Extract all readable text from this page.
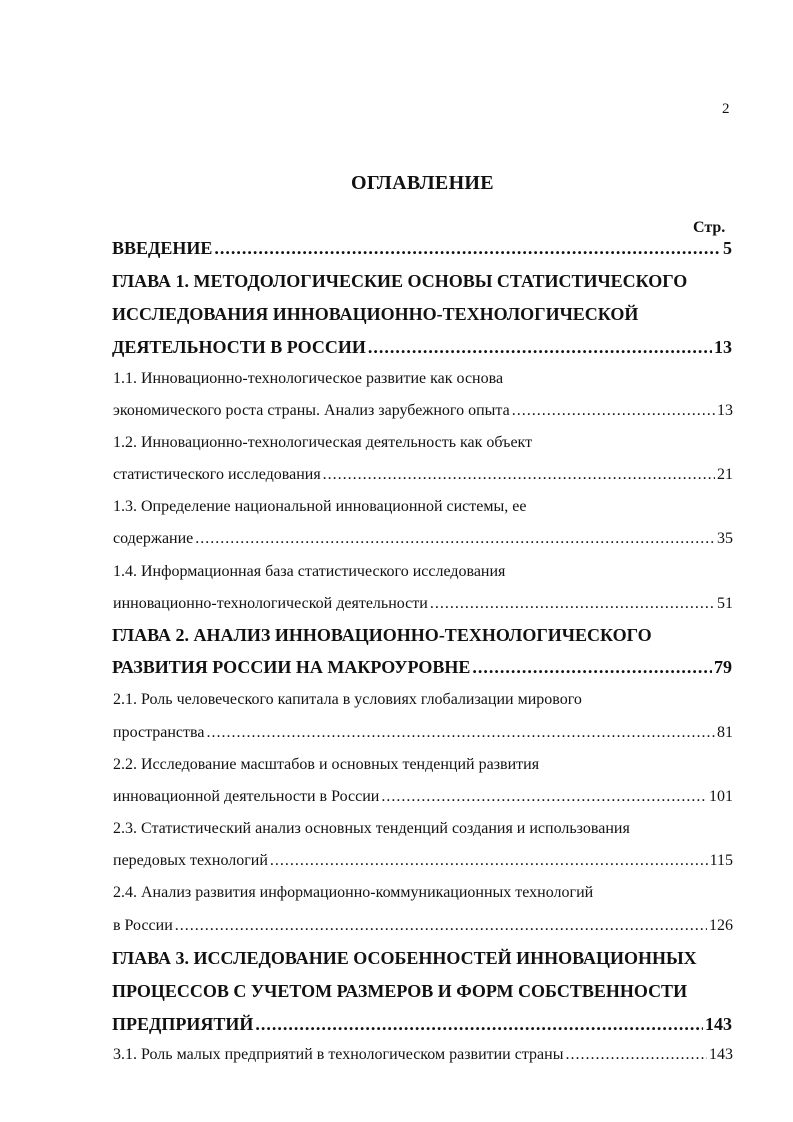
2
ОГЛАВЛЕНИЕ
Стр.
ВВЕДЕНИЕ .....	5
ГЛАВА 1. МЕТОДОЛОГИЧЕСКИЕ ОСНОВЫ СТАТИСТИЧЕСКОГО
ИССЛЕДОВАНИЯ ИННОВАЦИОННО-ТЕХНОЛОГИЧЕСКОЙ
ДЕЯТЕЛЬНОСТИ В РОССИИ .....	13
1.1. Инновационно-технологическое развитие как основа
экономического роста страны. Анализ зарубежного опыта .....	13
1.2. Инновационно-технологическая деятельность как объект
статистического исследования .....	21
1.3. Определение национальной инновационной системы, ее
содержание .....	35
1.4. Информационная база статистического исследования
инновационно-технологической деятельности .....	51
ГЛАВА 2. АНАЛИЗ ИННОВАЦИОННО-ТЕХНОЛОГИЧЕСКОГО
РАЗВИТИЯ РОССИИ НА МАКРОУРОВНЕ .....	79
2.1. Роль человеческого капитала в условиях глобализации мирового
пространства .....	81
2.2. Исследование масштабов и основных тенденций развития
инновационной деятельности в России .....	101
2.3. Статистический анализ основных тенденций создания и использования
передовых технологий .....	115
2.4. Анализ развития информационно-коммуникационных технологий
в России .....	126
ГЛАВА 3. ИССЛЕДОВАНИЕ ОСОБЕННОСТЕЙ ИННОВАЦИОННЫХ
ПРОЦЕССОВ С УЧЕТОМ РАЗМЕРОВ И ФОРМ СОБСТВЕННОСТИ
ПРЕДПРИЯТИЙ .....	143
3.1. Роль малых предприятий в технологическом развитии страны .....	143
